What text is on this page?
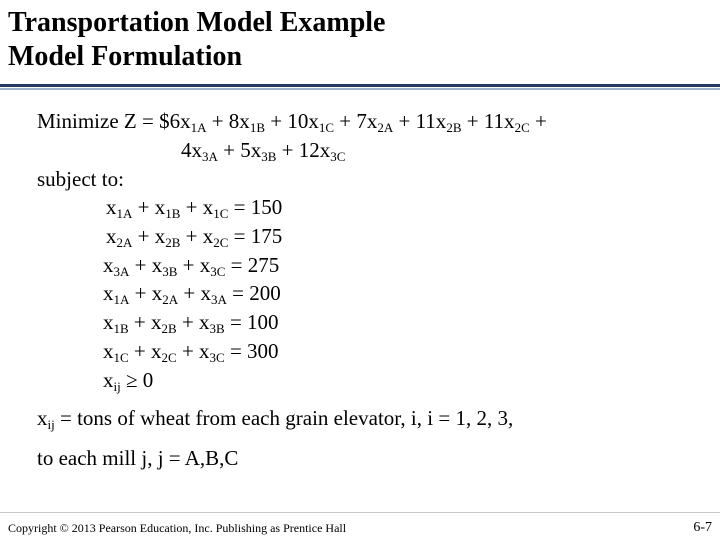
Transportation Model Example
Model Formulation
Minimize $Z = \$6x_{1A} + 8x_{1B} + 10x_{1C} + 7x_{2A} + 11x_{2B} + 11x_{2C}$ +
$4x_{3A} + 5x_{3B} + 12x_{3C}$
subject to:
$x_{1A} + x_{1B} + x_{1C} = 150$
$x_{2A} + x_{2B} + x_{2C} = 175$
$x_{3A} + x_{3B} + x_{3C} = 275$
$x_{1A} + x_{2A} + x_{3A} = 200$
$x_{1B} + x_{2B} + x_{3B} = 100$
$x_{1C} + x_{2C} + x_{3C} = 300$
$x_{ij} \ge 0$
$x_{ij}$ = tons of wheat from each grain elevator, i, i = 1, 2, 3,
to each mill j, j = A,B,C
Copyright © 2013 Pearson Education, Inc. Publishing as Prentice Hall	6-7
